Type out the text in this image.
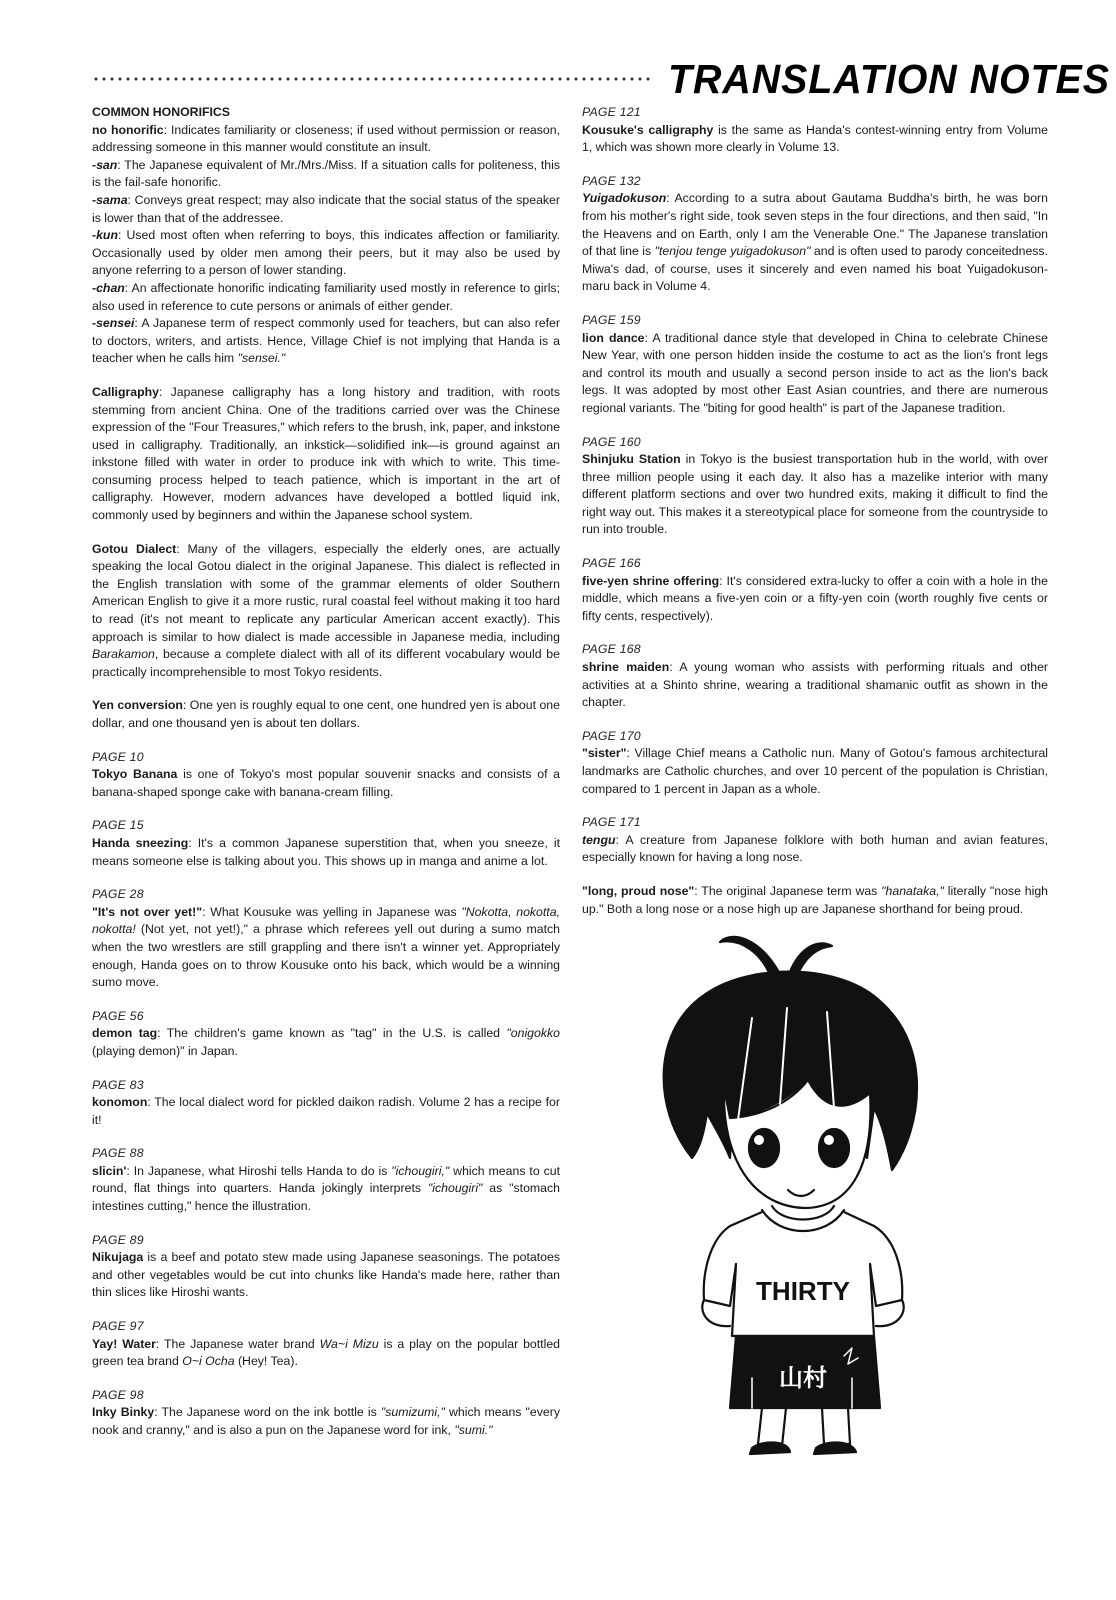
TRANSLATION NOTES

COMMON HONORIFICS

no honorific: Indicates familiarity or closeness; if used without permission or reason, addressing someone in this manner would constitute an insult.

-san: The Japanese equivalent of Mr./Mrs./Miss. If a situation calls for politeness, this is the fail-safe honorific.

-sama: Conveys great respect; may also indicate that the social status of the speaker is lower than that of the addressee.

-kun: Used most often when referring to boys, this indicates affection or familiarity. Occasionally used by older men among their peers, but it may also be used by anyone referring to a person of lower standing.

-chan: An affectionate honorific indicating familiarity used mostly in reference to girls; also used in reference to cute persons or animals of either gender.

-sensei: A Japanese term of respect commonly used for teachers, but can also refer to doctors, writers, and artists. Hence, Village Chief is not implying that Handa is a teacher when he calls him "sensei."

Calligraphy: Japanese calligraphy has a long history and tradition, with roots stemming from ancient China. One of the traditions carried over was the Chinese expression of the "Four Treasures," which refers to the brush, ink, paper, and inkstone used in calligraphy. Traditionally, an inkstick—solidified ink—is ground against an inkstone filled with water in order to produce ink with which to write. This time-consuming process helped to teach patience, which is important in the art of calligraphy. However, modern advances have developed a bottled liquid ink, commonly used by beginners and within the Japanese school system.

Gotou Dialect: Many of the villagers, especially the elderly ones, are actually speaking the local Gotou dialect in the original Japanese. This dialect is reflected in the English translation with some of the grammar elements of older Southern American English to give it a more rustic, rural coastal feel without making it too hard to read (it's not meant to replicate any particular American accent exactly). This approach is similar to how dialect is made accessible in Japanese media, including Barakamon, because a complete dialect with all of its different vocabulary would be practically incomprehensible to most Tokyo residents.

Yen conversion: One yen is roughly equal to one cent, one hundred yen is about one dollar, and one thousand yen is about ten dollars.

PAGE 10

Tokyo Banana is one of Tokyo's most popular souvenir snacks and consists of a banana-shaped sponge cake with banana-cream filling.

PAGE 15

Handa sneezing: It's a common Japanese superstition that, when you sneeze, it means someone else is talking about you. This shows up in manga and anime a lot.

PAGE 28

"It's not over yet!": What Kousuke was yelling in Japanese was "Nokotta, nokotta, nokotta! (Not yet, not yet!)," a phrase which referees yell out during a sumo match when the two wrestlers are still grappling and there isn't a winner yet. Appropriately enough, Handa goes on to throw Kousuke onto his back, which would be a winning sumo move.

PAGE 56

demon tag: The children's game known as "tag" in the U.S. is called "onigokko (playing demon)" in Japan.

PAGE 83

konomon: The local dialect word for pickled daikon radish. Volume 2 has a recipe for it!

PAGE 88

slicin': In Japanese, what Hiroshi tells Handa to do is "ichougiri," which means to cut round, flat things into quarters. Handa jokingly interprets "ichougiri" as "stomach intestines cutting," hence the illustration.

PAGE 89

Nikujaga is a beef and potato stew made using Japanese seasonings. The potatoes and other vegetables would be cut into chunks like Handa's made here, rather than thin slices like Hiroshi wants.

PAGE 97

Yay! Water: The Japanese water brand Wa~i Mizu is a play on the popular bottled green tea brand O~i Ocha (Hey! Tea).

PAGE 98

Inky Binky: The Japanese word on the ink bottle is "sumizumi," which means "every nook and cranny," and is also a pun on the Japanese word for ink, "sumi."

PAGE 121

Kousuke's calligraphy is the same as Handa's contest-winning entry from Volume 1, which was shown more clearly in Volume 13.

PAGE 132

Yuigadokuson: According to a sutra about Gautama Buddha's birth, he was born from his mother's right side, took seven steps in the four directions, and then said, "In the Heavens and on Earth, only I am the Venerable One." The Japanese translation of that line is "tenjou tenge yuigadokuson" and is often used to parody conceitedness. Miwa's dad, of course, uses it sincerely and even named his boat Yuigadokuson-maru back in Volume 4.

PAGE 159

lion dance: A traditional dance style that developed in China to celebrate Chinese New Year, with one person hidden inside the costume to act as the lion's front legs and control its mouth and usually a second person inside to act as the lion's back legs. It was adopted by most other East Asian countries, and there are numerous regional variants. The "biting for good health" is part of the Japanese tradition.

PAGE 160

Shinjuku Station in Tokyo is the busiest transportation hub in the world, with over three million people using it each day. It also has a mazelike interior with many different platform sections and over two hundred exits, making it difficult to find the right way out. This makes it a stereotypical place for someone from the countryside to run into trouble.

PAGE 166

five-yen shrine offering: It's considered extra-lucky to offer a coin with a hole in the middle, which means a five-yen coin or a fifty-yen coin (worth roughly five cents or fifty cents, respectively).

PAGE 168

shrine maiden: A young woman who assists with performing rituals and other activities at a Shinto shrine, wearing a traditional shamanic outfit as shown in the chapter.

PAGE 170

"sister": Village Chief means a Catholic nun. Many of Gotou's famous architectural landmarks are Catholic churches, and over 10 percent of the population is Christian, compared to 1 percent in Japan as a whole.

PAGE 171

tengu: A creature from Japanese folklore with both human and avian features, especially known for having a long nose.

"long, proud nose": The original Japanese term was "hanataka," literally "nose high up." Both a long nose or a nose high up are Japanese shorthand for being proud.

THIRTY
山村
